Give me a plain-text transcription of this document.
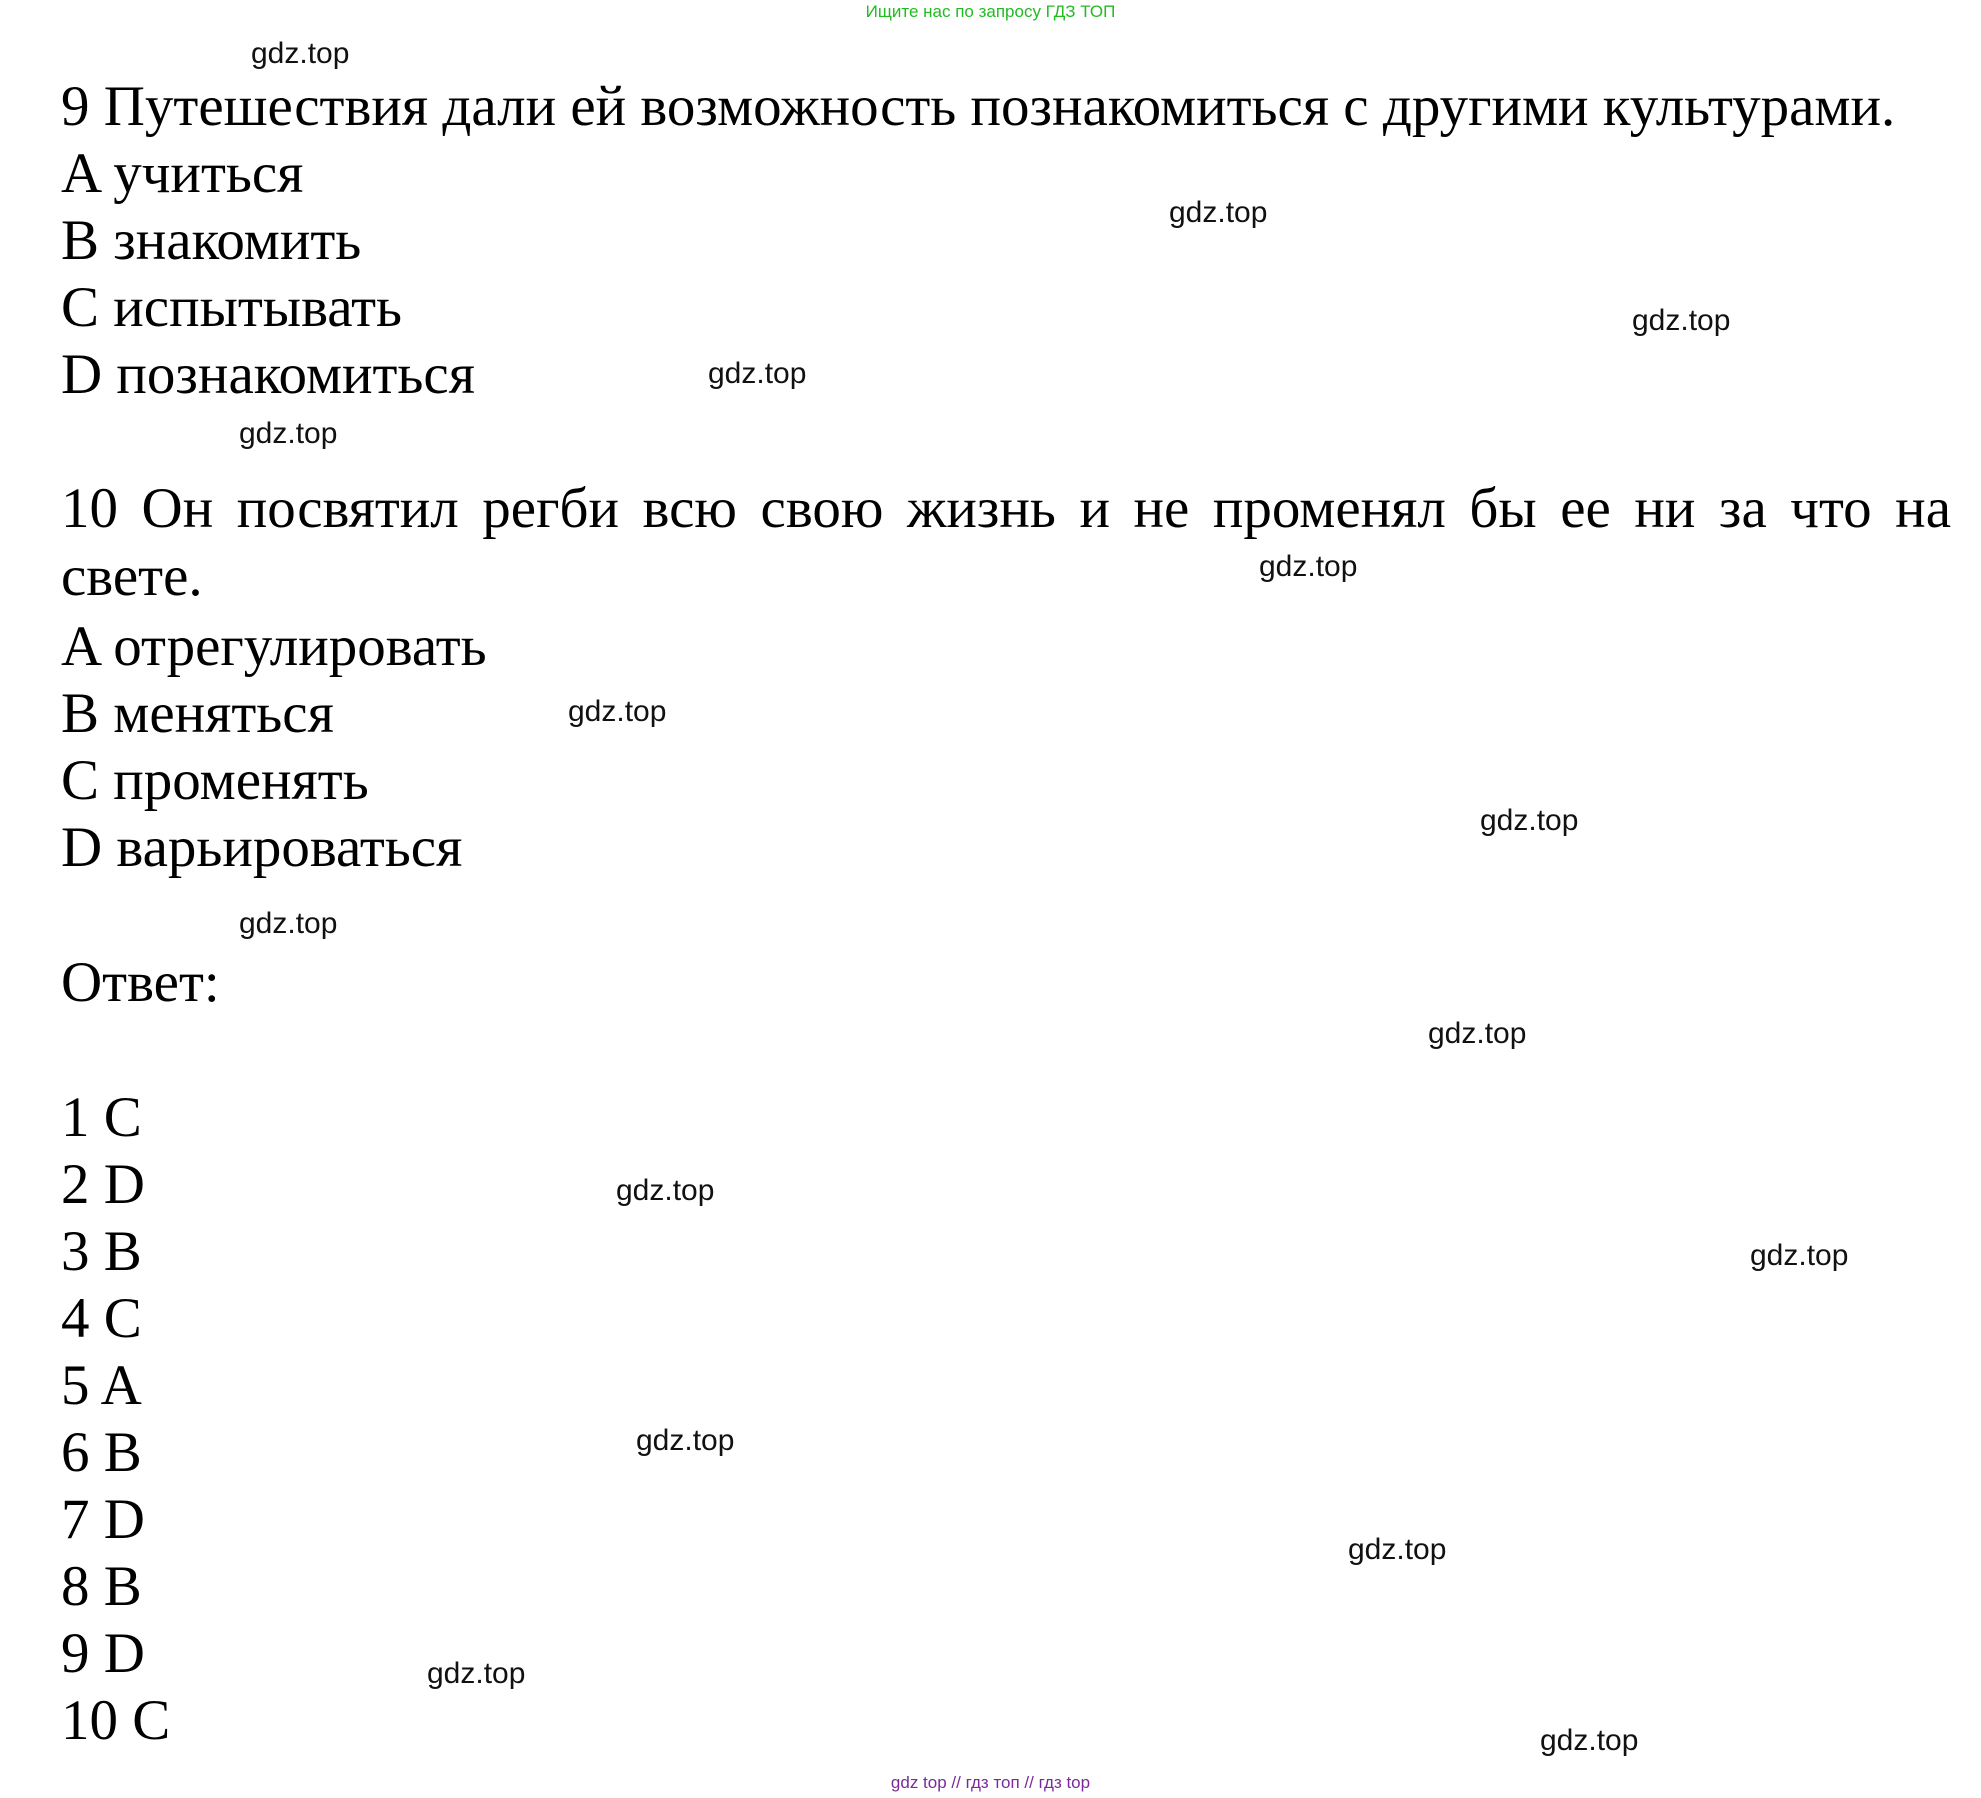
Ищите нас по запросу ГДЗ ТОП
gdz.top
gdz.top
gdz.top
gdz.top
gdz.top
gdz.top
gdz.top
gdz.top
gdz.top
gdz.top
gdz.top
gdz.top
gdz.top
gdz.top
gdz.top
gdz.top
9 Путешествия дали ей возможность познакомиться с другими культурами.
A учиться
B знакомить
C испытывать
D познакомиться
10 Он посвятил регби всю свою жизнь и не променял бы ее ни за что на свете.
A отрегулировать
B меняться
C променять
D варьироваться
Ответ:
1 C
2 D
3 B
4 C
5 A
6 B
7 D
8 B
9 D
10 C
gdz top // гдз топ // гдз top
